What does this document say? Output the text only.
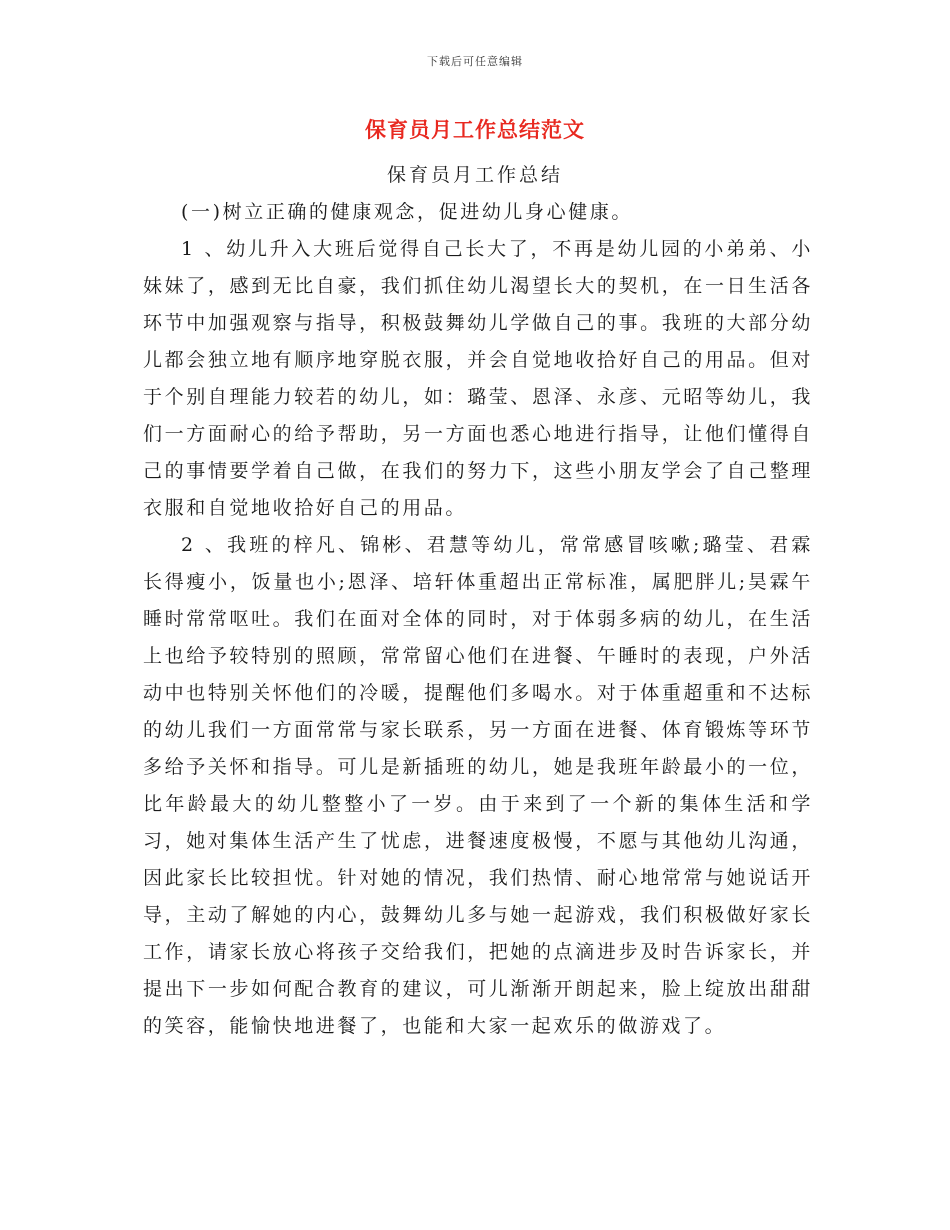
下载后可任意编辑
保育员月工作总结范文
保育员月工作总结

(一)树立正确的健康观念，促进幼儿身心健康。

1 、幼儿升入大班后觉得自己长大了，不再是幼儿园的小弟弟、小妹妹了，感到无比自豪，我们抓住幼儿渴望长大的契机，在一日生活各环节中加强观察与指导，积极鼓舞幼儿学做自己的事。我班的大部分幼儿都会独立地有顺序地穿脱衣服，并会自觉地收拾好自己的用品。但对于个别自理能力较若的幼儿，如：璐莹、恩泽、永彦、元昭等幼儿，我们一方面耐心的给予帮助，另一方面也悉心地进行指导，让他们懂得自己的事情要学着自己做，在我们的努力下，这些小朋友学会了自己整理衣服和自觉地收拾好自己的用品。

2 、我班的梓凡、锦彬、君慧等幼儿，常常感冒咳嗽;璐莹、君霖长得瘦小，饭量也小;恩泽、培轩体重超出正常标准，属肥胖儿;昊霖午睡时常常呕吐。我们在面对全体的同时，对于体弱多病的幼儿，在生活上也给予较特别的照顾，常常留心他们在进餐、午睡时的表现，户外活动中也特别关怀他们的冷暖，提醒他们多喝水。对于体重超重和不达标的幼儿我们一方面常常与家长联系，另一方面在进餐、体育锻炼等环节多给予关怀和指导。可儿是新插班的幼儿，她是我班年龄最小的一位，比年龄最大的幼儿整整小了一岁。由于来到了一个新的集体生活和学习，她对集体生活产生了忧虑，进餐速度极慢，不愿与其他幼儿沟通，因此家长比较担忧。针对她的情况，我们热情、耐心地常常与她说话开导，主动了解她的内心，鼓舞幼儿多与她一起游戏，我们积极做好家长工作，请家长放心将孩子交给我们，把她的点滴进步及时告诉家长，并提出下一步如何配合教育的建议，可儿渐渐开朗起来，脸上绽放出甜甜的笑容，能愉快地进餐了，也能和大家一起欢乐的做游戏了。
